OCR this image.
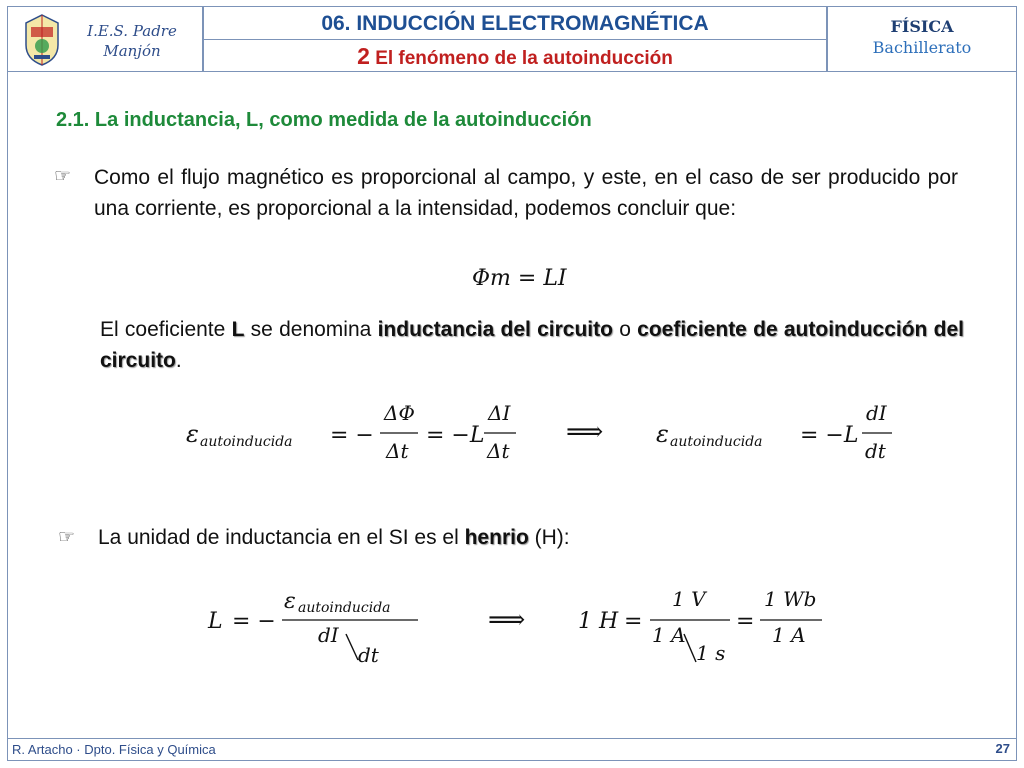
I.E.S. Padre Manjón
06. INDUCCIÓN ELECTROMAGNÉTICA
2 El fenómeno de la autoinducción
FÍSICA
Bachillerato
2.1. La inductancia, L, como medida de la autoinducción
☞ Como el flujo magnético es proporcional al campo, y este, en el caso de ser producido por una corriente, es proporcional a la intensidad, podemos concluir que:
Φm = LI
El coeficiente L se denomina inductancia del circuito o coeficiente de autoinducción del circuito.
ε autoinducida = −
ΔΦ
Δt
= −L
ΔI
Δt
⟹ ε autoinducida = −L
dI
dt
☞ La unidad de inductancia en el SI es el henrio (H):
L = −
ε autoinducida
dI
dt
⟹ 1 H =
1 V
1 A
1 s
=
1 Wb
1 A
R. Artacho · Dpto. Física y Química	27
